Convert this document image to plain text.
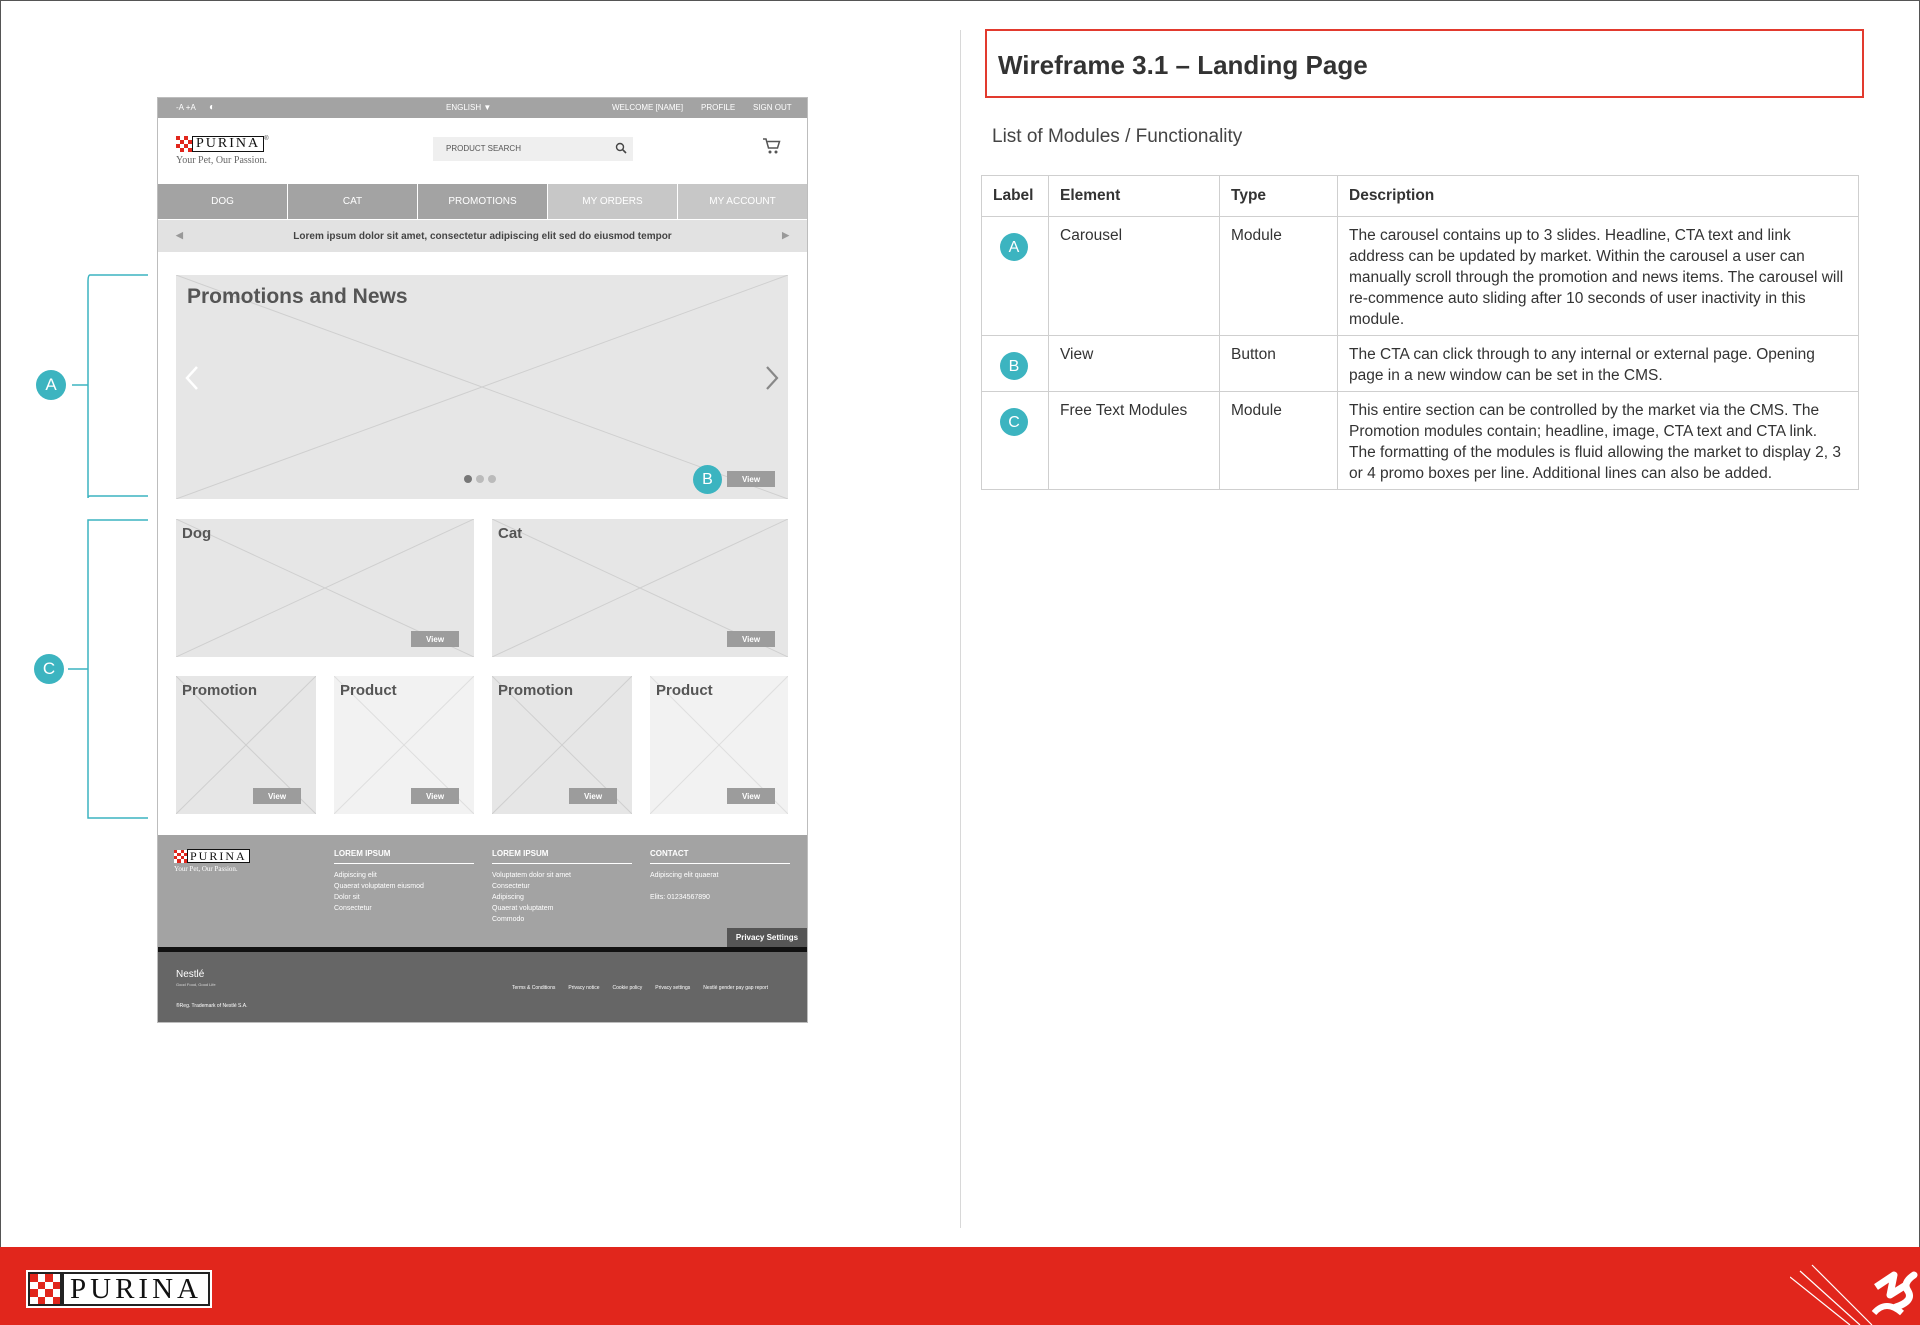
-A +A ◐	ENGLISH ▼	WELCOME [NAME] PROFILE SIGN OUT
PURINA ®
Your Pet, Our Passion.
PRODUCT SEARCH
DOG	CAT	PROMOTIONS	MY ORDERS	MY ACCOUNT
◀	Lorem ipsum dolor sit amet, consectetur adipiscing elit sed do eiusmod tempor	▶
Promotions and News
B	View
Dog
View
Cat
View
Promotion
View
Product
View
Promotion
View
Product
View
PURINA
Your Pet, Our Passion.
LOREM IPSUM

Adipiscing elit

Quaerat voluptatem eiusmod

Dolor sit

Consectetur

LOREM IPSUM

Voluptatem dolor sit amet

Consectetur

Adipiscing

Quaerat voluptatem

Commodo

CONTACT

Adipiscing elit quaerat

Elits: 01234567890

Privacy Settings
Nestlé
Good Food, Good Life
®Reg. Trademark of Nestlé S.A.
Terms & Conditions	Privacy notice	Cookie policy	Privacy settings	Nestlé gender pay gap report
A
C
Wireframe 3.1 – Landing Page
List of Modules / Functionality
Label	Element	Type	Description

A	Carousel	Module	The carousel contains up to 3 slides. Headline, CTA text and link address can be updated by market. Within the carousel a user can manually scroll through the promotion and news items. The carousel will re-commence auto sliding after 10 seconds of user inactivity in this module.

B	View	Button	The CTA can click through to any internal or external page. Opening page in a new window can be set in the CMS.

C	Free Text Modules	Module	This entire section can be controlled by the market via the CMS. The Promotion modules contain; headline, image, CTA text and CTA link. The formatting of the modules is fluid allowing the market to display 2, 3 or 4 promo boxes per line. Additional lines can also be added.
PURINA
